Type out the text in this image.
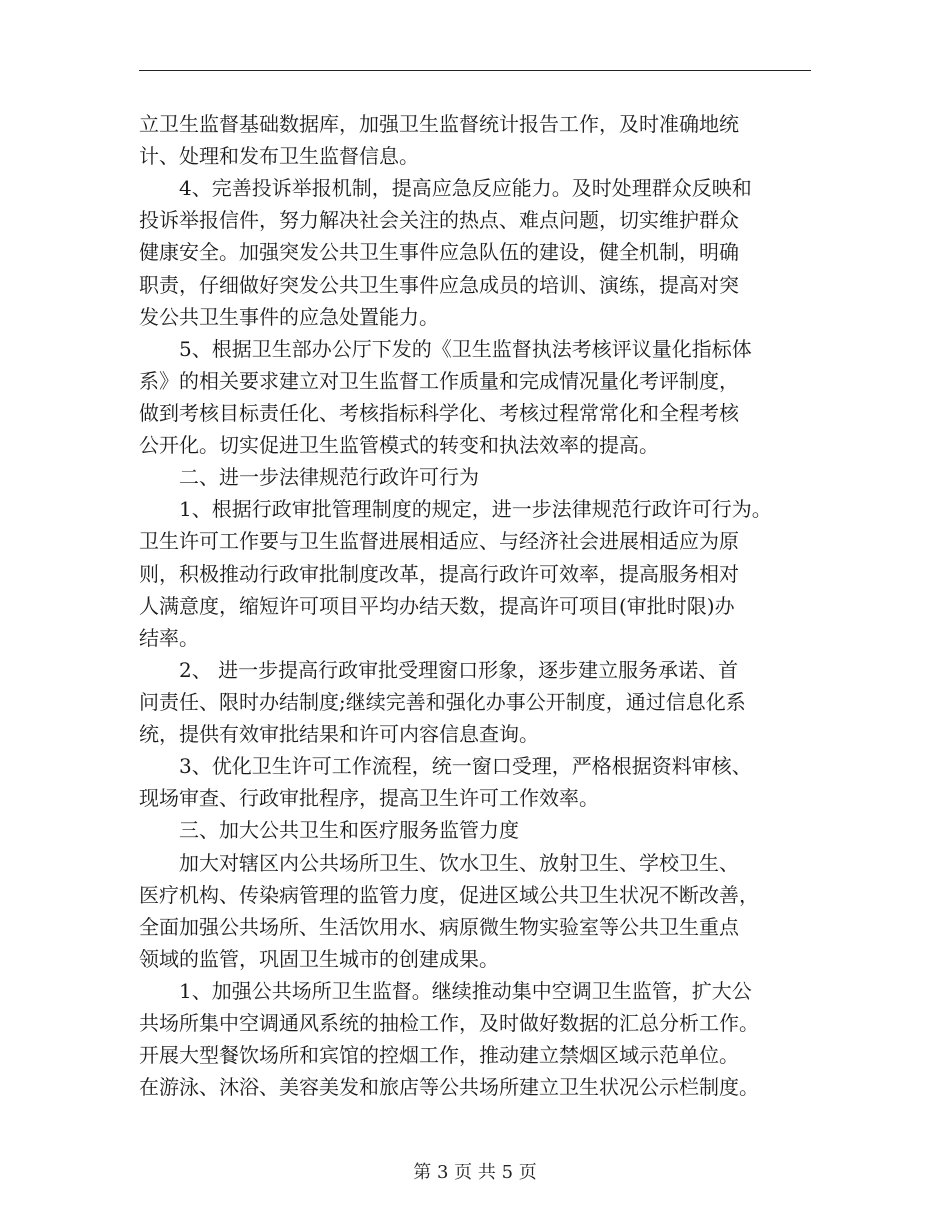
立卫生监督基础数据库，加强卫生监督统计报告工作，及时准确地统
计、处理和发布卫生监督信息。
4、完善投诉举报机制，提高应急反应能力。及时处理群众反映和
投诉举报信件，努力解决社会关注的热点、难点问题，切实维护群众
健康安全。加强突发公共卫生事件应急队伍的建设，健全机制，明确
职责，仔细做好突发公共卫生事件应急成员的培训、演练，提高对突
发公共卫生事件的应急处置能力。
5、根据卫生部办公厅下发的《卫生监督执法考核评议量化指标体
系》的相关要求建立对卫生监督工作质量和完成情况量化考评制度，
做到考核目标责任化、考核指标科学化、考核过程常常化和全程考核
公开化。切实促进卫生监管模式的转变和执法效率的提高。
二、进一步法律规范行政许可行为
1、根据行政审批管理制度的规定，进一步法律规范行政许可行为。
卫生许可工作要与卫生监督进展相适应、与经济社会进展相适应为原
则，积极推动行政审批制度改革，提高行政许可效率，提高服务相对
人满意度，缩短许可项目平均办结天数，提高许可项目(审批时限)办
结率。
2、 进一步提高行政审批受理窗口形象，逐步建立服务承诺、首
问责任、限时办结制度;继续完善和强化办事公开制度，通过信息化系
统，提供有效审批结果和许可内容信息查询。
3、优化卫生许可工作流程，统一窗口受理，严格根据资料审核、
现场审查、行政审批程序，提高卫生许可工作效率。
三、加大公共卫生和医疗服务监管力度
加大对辖区内公共场所卫生、饮水卫生、放射卫生、学校卫生、
医疗机构、传染病管理的监管力度，促进区域公共卫生状况不断改善，
全面加强公共场所、生活饮用水、病原微生物实验室等公共卫生重点
领域的监管，巩固卫生城市的创建成果。
1、加强公共场所卫生监督。继续推动集中空调卫生监管，扩大公
共场所集中空调通风系统的抽检工作，及时做好数据的汇总分析工作。
开展大型餐饮场所和宾馆的控烟工作，推动建立禁烟区域示范单位。
在游泳、沐浴、美容美发和旅店等公共场所建立卫生状况公示栏制度。
第 3 页 共 5 页
